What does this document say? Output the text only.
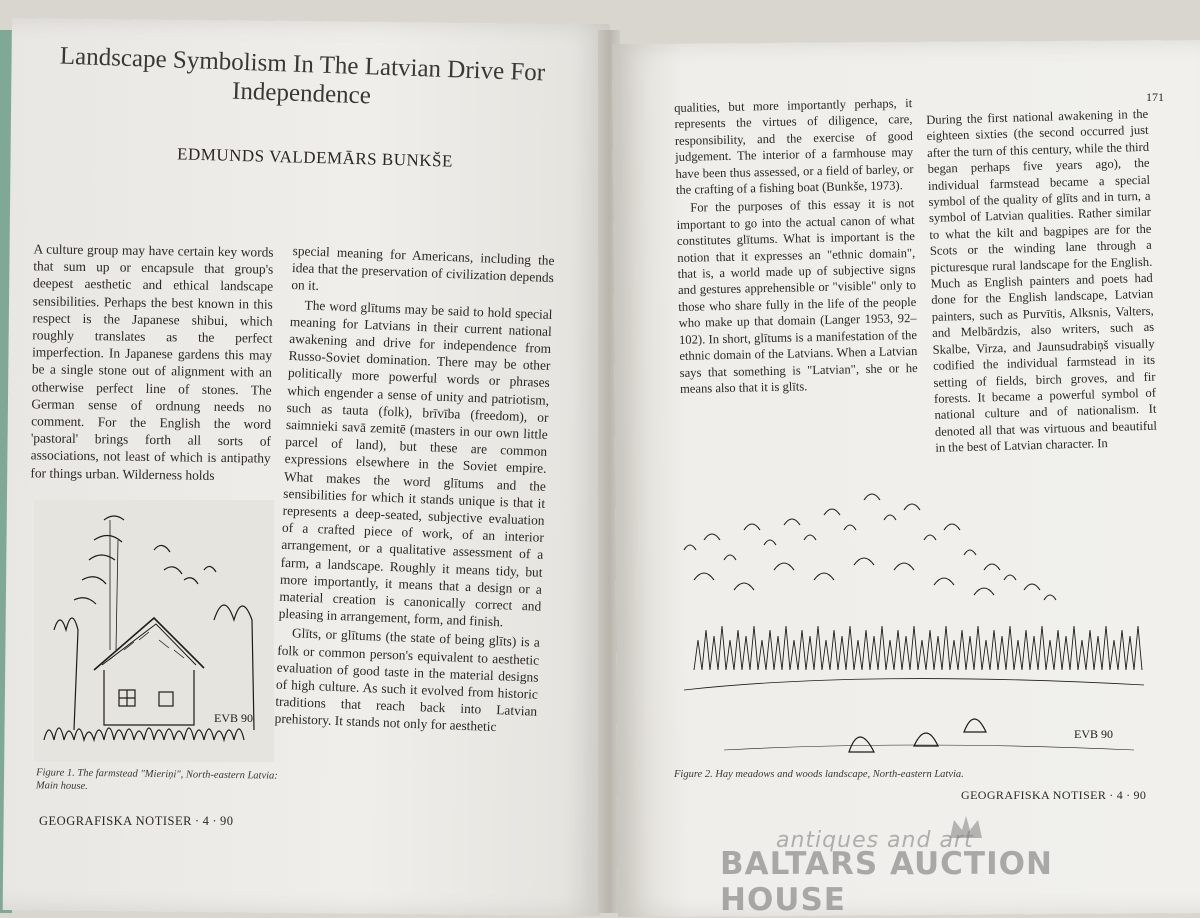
Landscape Symbolism In The Latvian Drive For Independence
EDMUNDS VALDEMĀRS BUNKŠE

A culture group may have certain key words that sum up or encapsule that group's deepest aesthetic and ethical landscape sensibilities. Perhaps the best known in this respect is the Japanese shibui, which roughly translates as the perfect imperfection. In Japanese gardens this may be a single stone out of alignment with an otherwise perfect line of stones. The German sense of ordnung needs no comment. For the English the word 'pastoral' brings forth all sorts of associations, not least of which is antipathy for things urban. Wilderness holds

special meaning for Americans, including the idea that the preservation of civilization depends on it.

The word glītums may be said to hold special meaning for Latvians in their current national awakening and drive for independence from Russo-Soviet domination. There may be other politically more powerful words or phrases which engender a sense of unity and patriotism, such as tauta (folk), brīvība (freedom), or saimnieki savā zemitē (masters in our own little parcel of land), but these are common expressions elsewhere in the Soviet empire. What makes the word glītums and the sensibilities for which it stands unique is that it represents a deep-seated, subjective evaluation of a crafted piece of work, of an interior arrangement, or a qualitative assessment of a farm, a landscape. Roughly it means tidy, but more importantly, it means that a design or a material creation is canonically correct and pleasing in arrangement, form, and finish.

Glīts, or glītums (the state of being glīts) is a folk or common person's equivalent to aesthetic evaluation of good taste in the material designs of high culture. As such it evolved from historic traditions that reach back into Latvian prehistory. It stands not only for aesthetic

EVB 90
Figure 1. The farmstead "Mieriņi", North-eastern Latvia: Main house.
GEOGRAFISKA NOTISER · 4 · 90
171

qualities, but more importantly perhaps, it represents the virtues of diligence, care, responsibility, and the exercise of good judgement. The interior of a farmhouse may have been thus assessed, or a field of barley, or the crafting of a fishing boat (Bunkše, 1973).

For the purposes of this essay it is not important to go into the actual canon of what constitutes glītums. What is important is the notion that it expresses an "ethnic domain", that is, a world made up of subjective signs and gestures apprehensible or "visible" only to those who share fully in the life of the people who make up that domain (Langer 1953, 92–102). In short, glītums is a manifestation of the ethnic domain of the Latvians. When a Latvian says that something is "Latvian", she or he means also that it is glīts.

During the first national awakening in the eighteen sixties (the second occurred just after the turn of this century, while the third began perhaps five years ago), the individual farmstead became a special symbol of the quality of glīts and in turn, a symbol of Latvian qualities. Rather similar to what the kilt and bagpipes are for the Scots or the winding lane through a picturesque rural landscape for the English. Much as English painters and poets had done for the English landscape, Latvian painters, such as Purvītis, Alksnis, Valters, and Melbārdzis, also writers, such as Skalbe, Virza, and Jaunsudrabiņš visually codified the individual farmstead in its setting of fields, birch groves, and fir forests. It became a powerful symbol of national culture and of nationalism. It denoted all that was virtuous and beautiful in the best of Latvian character. In

EVB 90
Figure 2. Hay meadows and woods landscape, North-eastern Latvia.
GEOGRAFISKA NOTISER · 4 · 90
antiques and art
BALTARS AUCTION HOUSE
